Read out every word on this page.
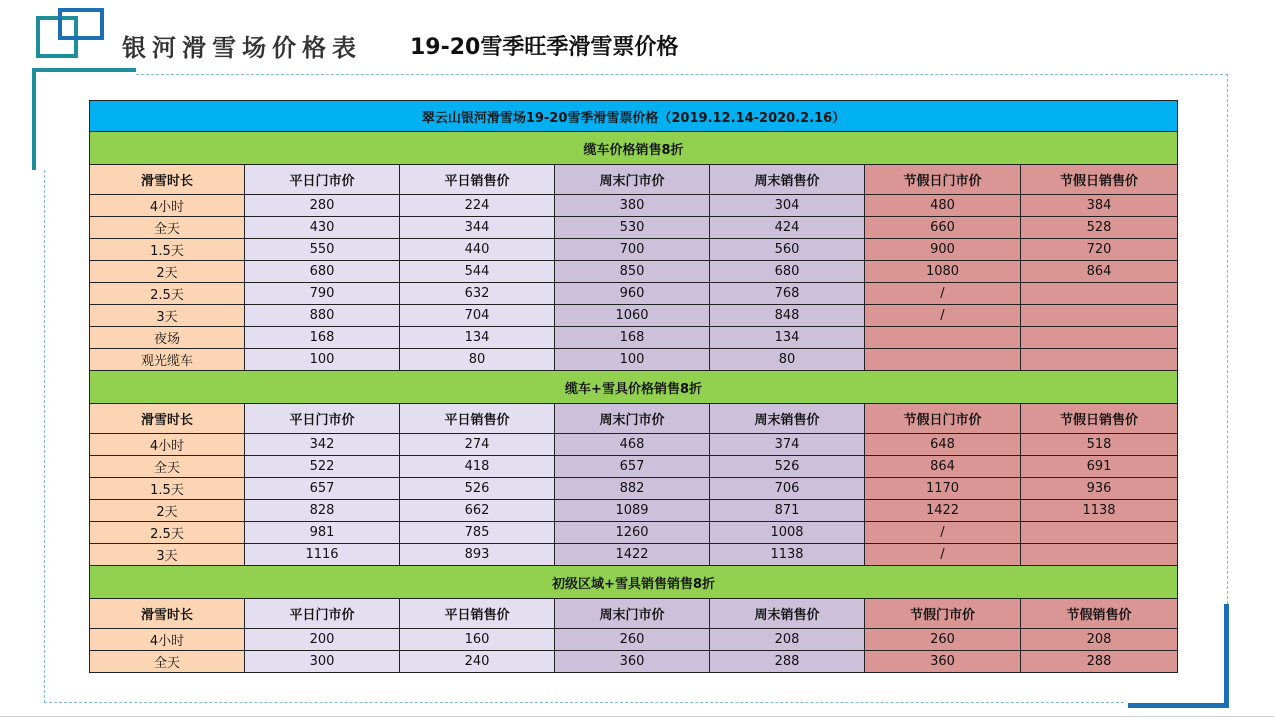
银河滑雪场价格表 19-20雪季旺季滑雪票价格
翠云山银河滑雪场19-20雪季滑雪票价格（2019.12.14-2020.2.16）						
缆车价格销售8折						
滑雪时长	平日门市价	平日销售价	周末门市价	周末销售价	节假日门市价	节假日销售价
4小时	280	224	380	304	480	384
全天	430	344	530	424	660	528
1.5天	550	440	700	560	900	720
2天	680	544	850	680	1080	864
2.5天	790	632	960	768	/	
3天	880	704	1060	848	/	
夜场	168	134	168	134		
观光缆车	100	80	100	80		
缆车+雪具价格销售8折						
滑雪时长	平日门市价	平日销售价	周末门市价	周末销售价	节假日门市价	节假日销售价
4小时	342	274	468	374	648	518
全天	522	418	657	526	864	691
1.5天	657	526	882	706	1170	936
2天	828	662	1089	871	1422	1138
2.5天	981	785	1260	1008	/	
3天	1116	893	1422	1138	/	
初级区域+雪具销售销售8折						
滑雪时长	平日门市价	平日销售价	周末门市价	周末销售价	节假门市价	节假销售价
4小时	200	160	260	208	260	208
全天	300	240	360	288	360	288
